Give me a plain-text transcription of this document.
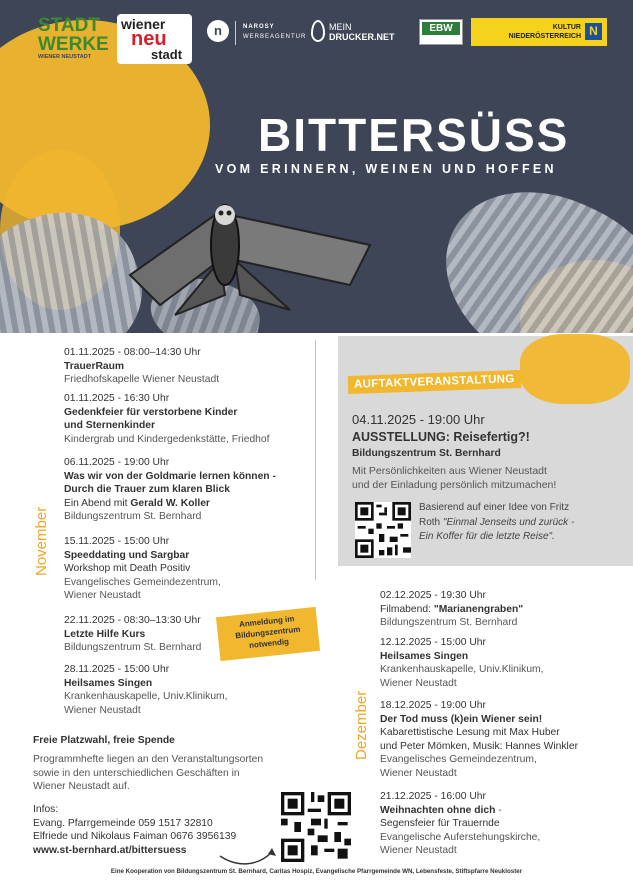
STADT
WERKE
WIENER NEUSTADT
wiener
neu
stadt
n	NAROSY
WERBEAGENTUR
MEIN
DRUCKER.NET
EBW	KULTUR
NIEDERÖSTERREICH N
BITTERSÜSS
VOM ERINNERN, WEINEN UND HOFFEN
November
01.11.2025 - 08:00–14:30 Uhr
TrauerRaum
Friedhofskapelle Wiener Neustadt
01.11.2025 - 16:30 Uhr
Gedenkfeier für verstorbene Kinder
und Sternenkinder
Kindergrab und Kindergedenkstätte, Friedhof
06.11.2025 - 19:00 Uhr
Was wir von der Goldmarie lernen können -
Durch die Trauer zum klaren Blick
Ein Abend mit Gerald W. Koller
Bildungszentrum St. Bernhard
15.11.2025 - 15:00 Uhr
Speeddating und Sargbar
Workshop mit Death Positiv
Evangelisches Gemeindezentrum,
Wiener Neustadt
22.11.2025 - 08:30–13:30 Uhr
Letzte Hilfe Kurs
Bildungszentrum St. Bernhard
28.11.2025 - 15:00 Uhr
Heilsames Singen
Krankenhauskapelle, Univ.Klinikum,
Wiener Neustadt
Anmeldung im
Bildungszentrum
notwendig
AUFTAKTVERANSTALTUNG
04.11.2025 - 19:00 Uhr
AUSSTELLUNG: Reisefertig?!
Bildungszentrum St. Bernhard
Mit Persönlichkeiten aus Wiener Neustadt
und der Einladung persönlich mitzumachen!
Basierend auf einer Idee von Fritz
Roth "Einmal Jenseits und zurück -
Ein Koffer für die letzte Reise".
Dezember
02.12.2025 - 19:30 Uhr
Filmabend: "Marianengraben"
Bildungszentrum St. Bernhard
12.12.2025 - 15:00 Uhr
Heilsames Singen
Krankenhauskapelle, Univ.Klinikum,
Wiener Neustadt
18.12.2025 - 19:00 Uhr
Der Tod muss (k)ein Wiener sein!
Kabarettistische Lesung mit Max Huber
und Peter Mömken, Musik: Hannes Winkler
Evangelisches Gemeindezentrum,
Wiener Neustadt
21.12.2025 - 16:00 Uhr
Weihnachten ohne dich -
Segensfeier für Trauernde
Evangelische Auferstehungskirche,
Wiener Neustadt
Freie Platzwahl, freie Spende
Programmhefte liegen an den Veranstaltungsorten
sowie in den unterschiedlichen Geschäften in
Wiener Neustadt auf.
Infos:
Evang. Pfarrgemeinde 059 1517 32810
Elfriede und Nikolaus Faiman 0676 3956139
www.st-bernhard.at/bittersuess
Eine Kooperation von Bildungszentrum St. Bernhard, Caritas Hospiz, Evangelische Pfarrgemeinde WN, Lebensfeste, Stiftspfarre Neukloster
